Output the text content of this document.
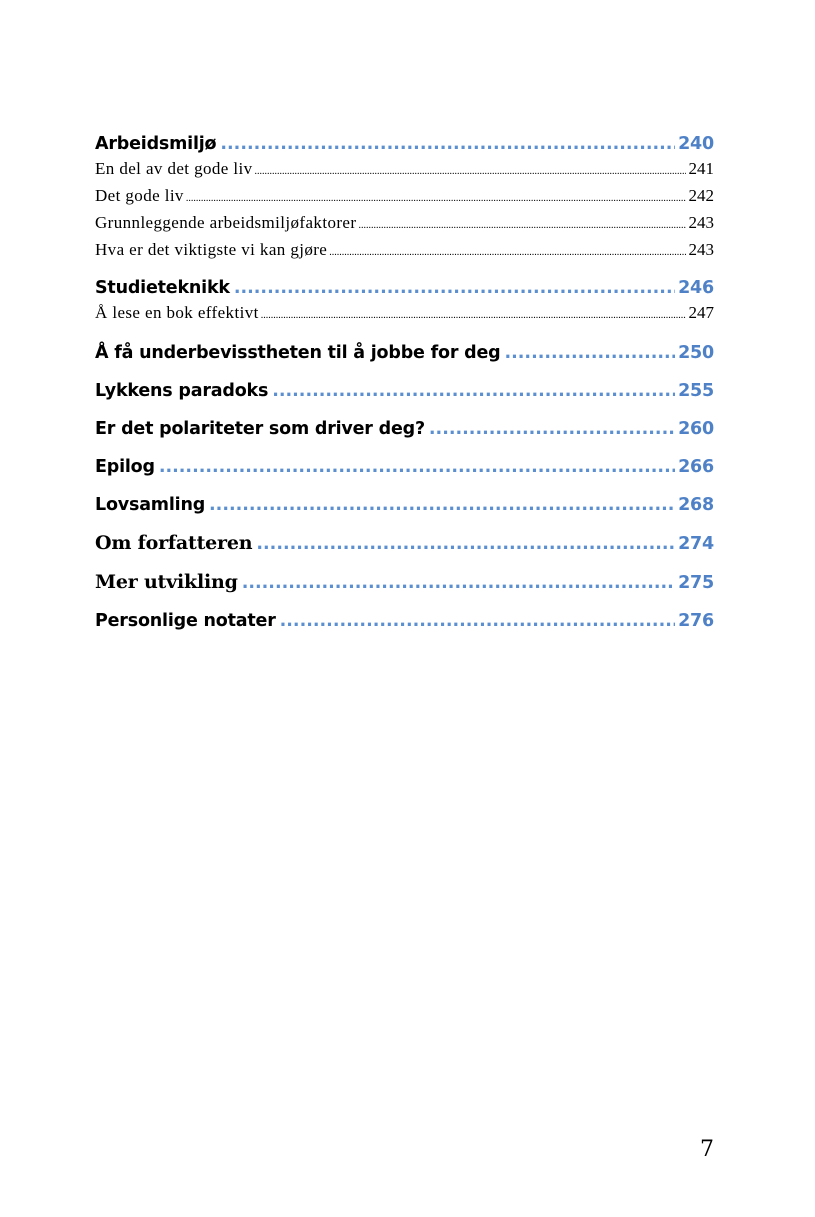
Arbeidsmiljø .....	240
En del av det gode liv .....	241
Det gode liv .....	242
Grunnleggende arbeidsmiljøfaktorer .....	243
Hva er det viktigste vi kan gjøre .....	243
Studieteknikk .....	246
Å lese en bok effektivt .....	247
Å få underbevisstheten til å jobbe for deg .....	250
Lykkens paradoks .....	255
Er det polariteter som driver deg? .....	260
Epilog .....	266
Lovsamling .....	268
Om forfatteren .....	274
Mer utvikling .....	275
Personlige notater .....	276
7
